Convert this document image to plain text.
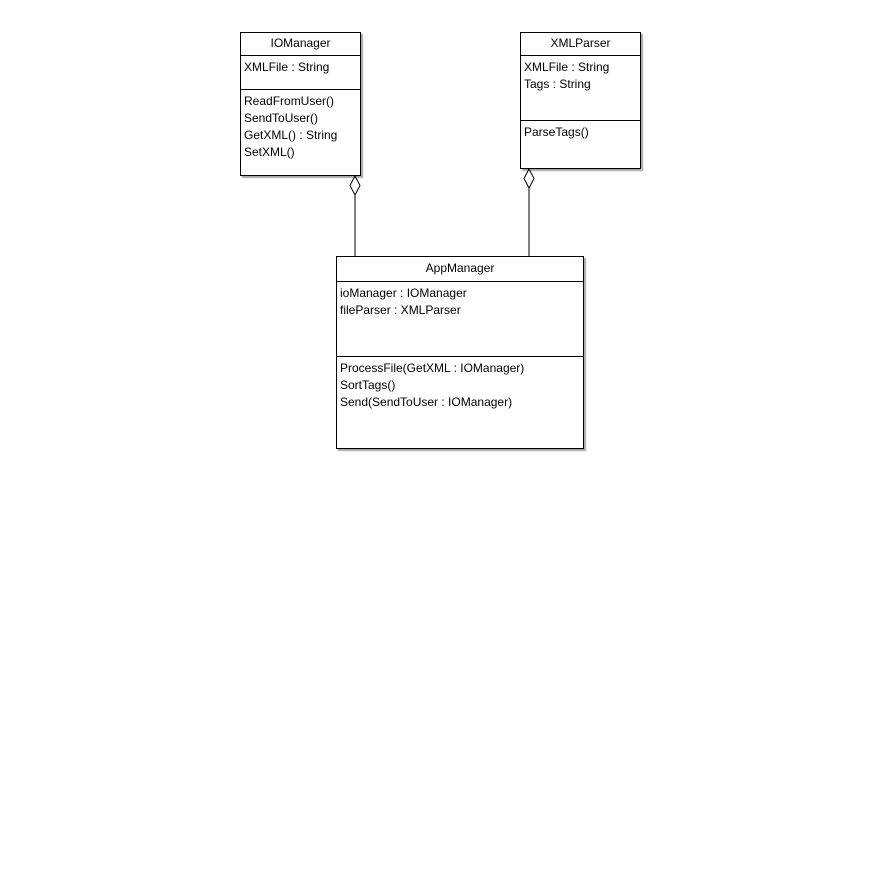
IOManager
XMLFile : String
ReadFromUser()
SendToUser()
GetXML() : String
SetXML()
XMLParser
XMLFile : String
Tags : String
ParseTags()
AppManager
ioManager : IOManager
fileParser : XMLParser
ProcessFile(GetXML : IOManager)
SortTags()
Send(SendToUser : IOManager)
